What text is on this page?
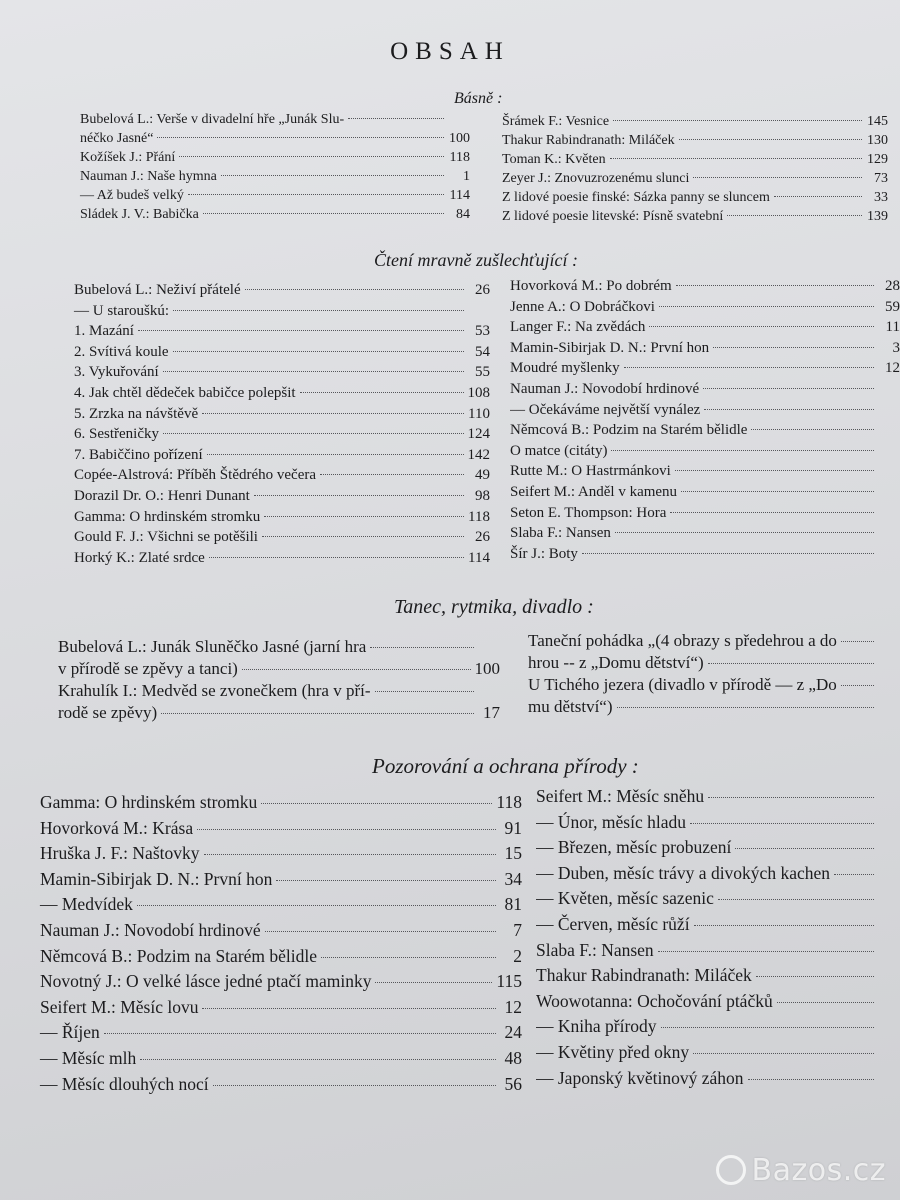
OBSAH
Básně :
Bubelová L.: Verše v divadelní hře „Junák Slu-
néčko Jasné“	100
Kožíšek J.: Přání	118
Nauman J.: Naše hymna	1
— Až budeš velký	114
Sládek J. V.: Babička	84
Šrámek F.: Vesnice	145
Thakur Rabindranath: Miláček	130
Toman K.: Květen	129
Zeyer J.: Znovuzrozenému slunci	73
Z lidové poesie finské: Sázka panny se sluncem	33
Z lidové poesie litevské: Písně svatební	139
Čtení mravně zušlechťující :
Bubelová L.: Neživí přátelé	26
— U starouškú:
1. Mazání	53
2. Svítivá koule	54
3. Vykuřování	55
4. Jak chtěl dědeček babičce polepšit	108
5. Zrzka na návštěvě	110
6. Sestřeničky	124
7. Babiččino pořízení	142
Copée-Alstrová: Příběh Štědrého večera	49
Dorazil Dr. O.: Henri Dunant	98
Gamma: O hrdinském stromku	118
Gould F. J.: Všichni se potěšili	26
Horký K.: Zlaté srdce	114
Hovorková M.: Po dobrém	28
Jenne A.: O Dobráčkovi	59
Langer F.: Na zvědách	11
Mamin-Sibirjak D. N.: První hon	3
Moudré myšlenky	12
Nauman J.: Novodobí hrdinové
— Očekáváme největší vynález
Němcová B.: Podzim na Starém bělidle
O matce (citáty)
Rutte M.: O Hastrmánkovi
Seifert M.: Anděl v kamenu
Seton E. Thompson: Hora
Slaba F.: Nansen
Šír J.: Boty
Tanec, rytmika, divadlo :
Bubelová L.: Junák Sluněčko Jasné (jarní hra
v přírodě se zpěvy a tanci)	100
Krahulík I.: Medvěd se zvonečkem (hra v pří-
rodě se zpěvy)	17
Taneční pohádka „(4 obrazy s předehrou a do
hrou -- z „Domu dětství“)
U Tichého jezera (divadlo v přírodě — z „Do
mu dětství“)
Pozorování a ochrana přírody :
Gamma: O hrdinském stromku	118
Hovorková M.: Krása	91
Hruška J. F.: Naštovky	15
Mamin-Sibirjak D. N.: První hon	34
— Medvídek	81
Nauman J.: Novodobí hrdinové	7
Němcová B.: Podzim na Starém bělidle	2
Novotný J.: O velké lásce jedné ptačí maminky	115
Seifert M.: Měsíc lovu	12
— Říjen	24
— Měsíc mlh	48
— Měsíc dlouhých nocí	56
Seifert M.: Měsíc sněhu
— Únor, měsíc hladu
— Březen, měsíc probuzení
— Duben, měsíc trávy a divokých kachen
— Květen, měsíc sazenic
— Červen, měsíc růží
Slaba F.: Nansen
Thakur Rabindranath: Miláček
Woowotanna: Ochočování ptáčků
— Kniha přírody
— Květiny před okny
— Japonský květinový záhon
Bazos.cz
